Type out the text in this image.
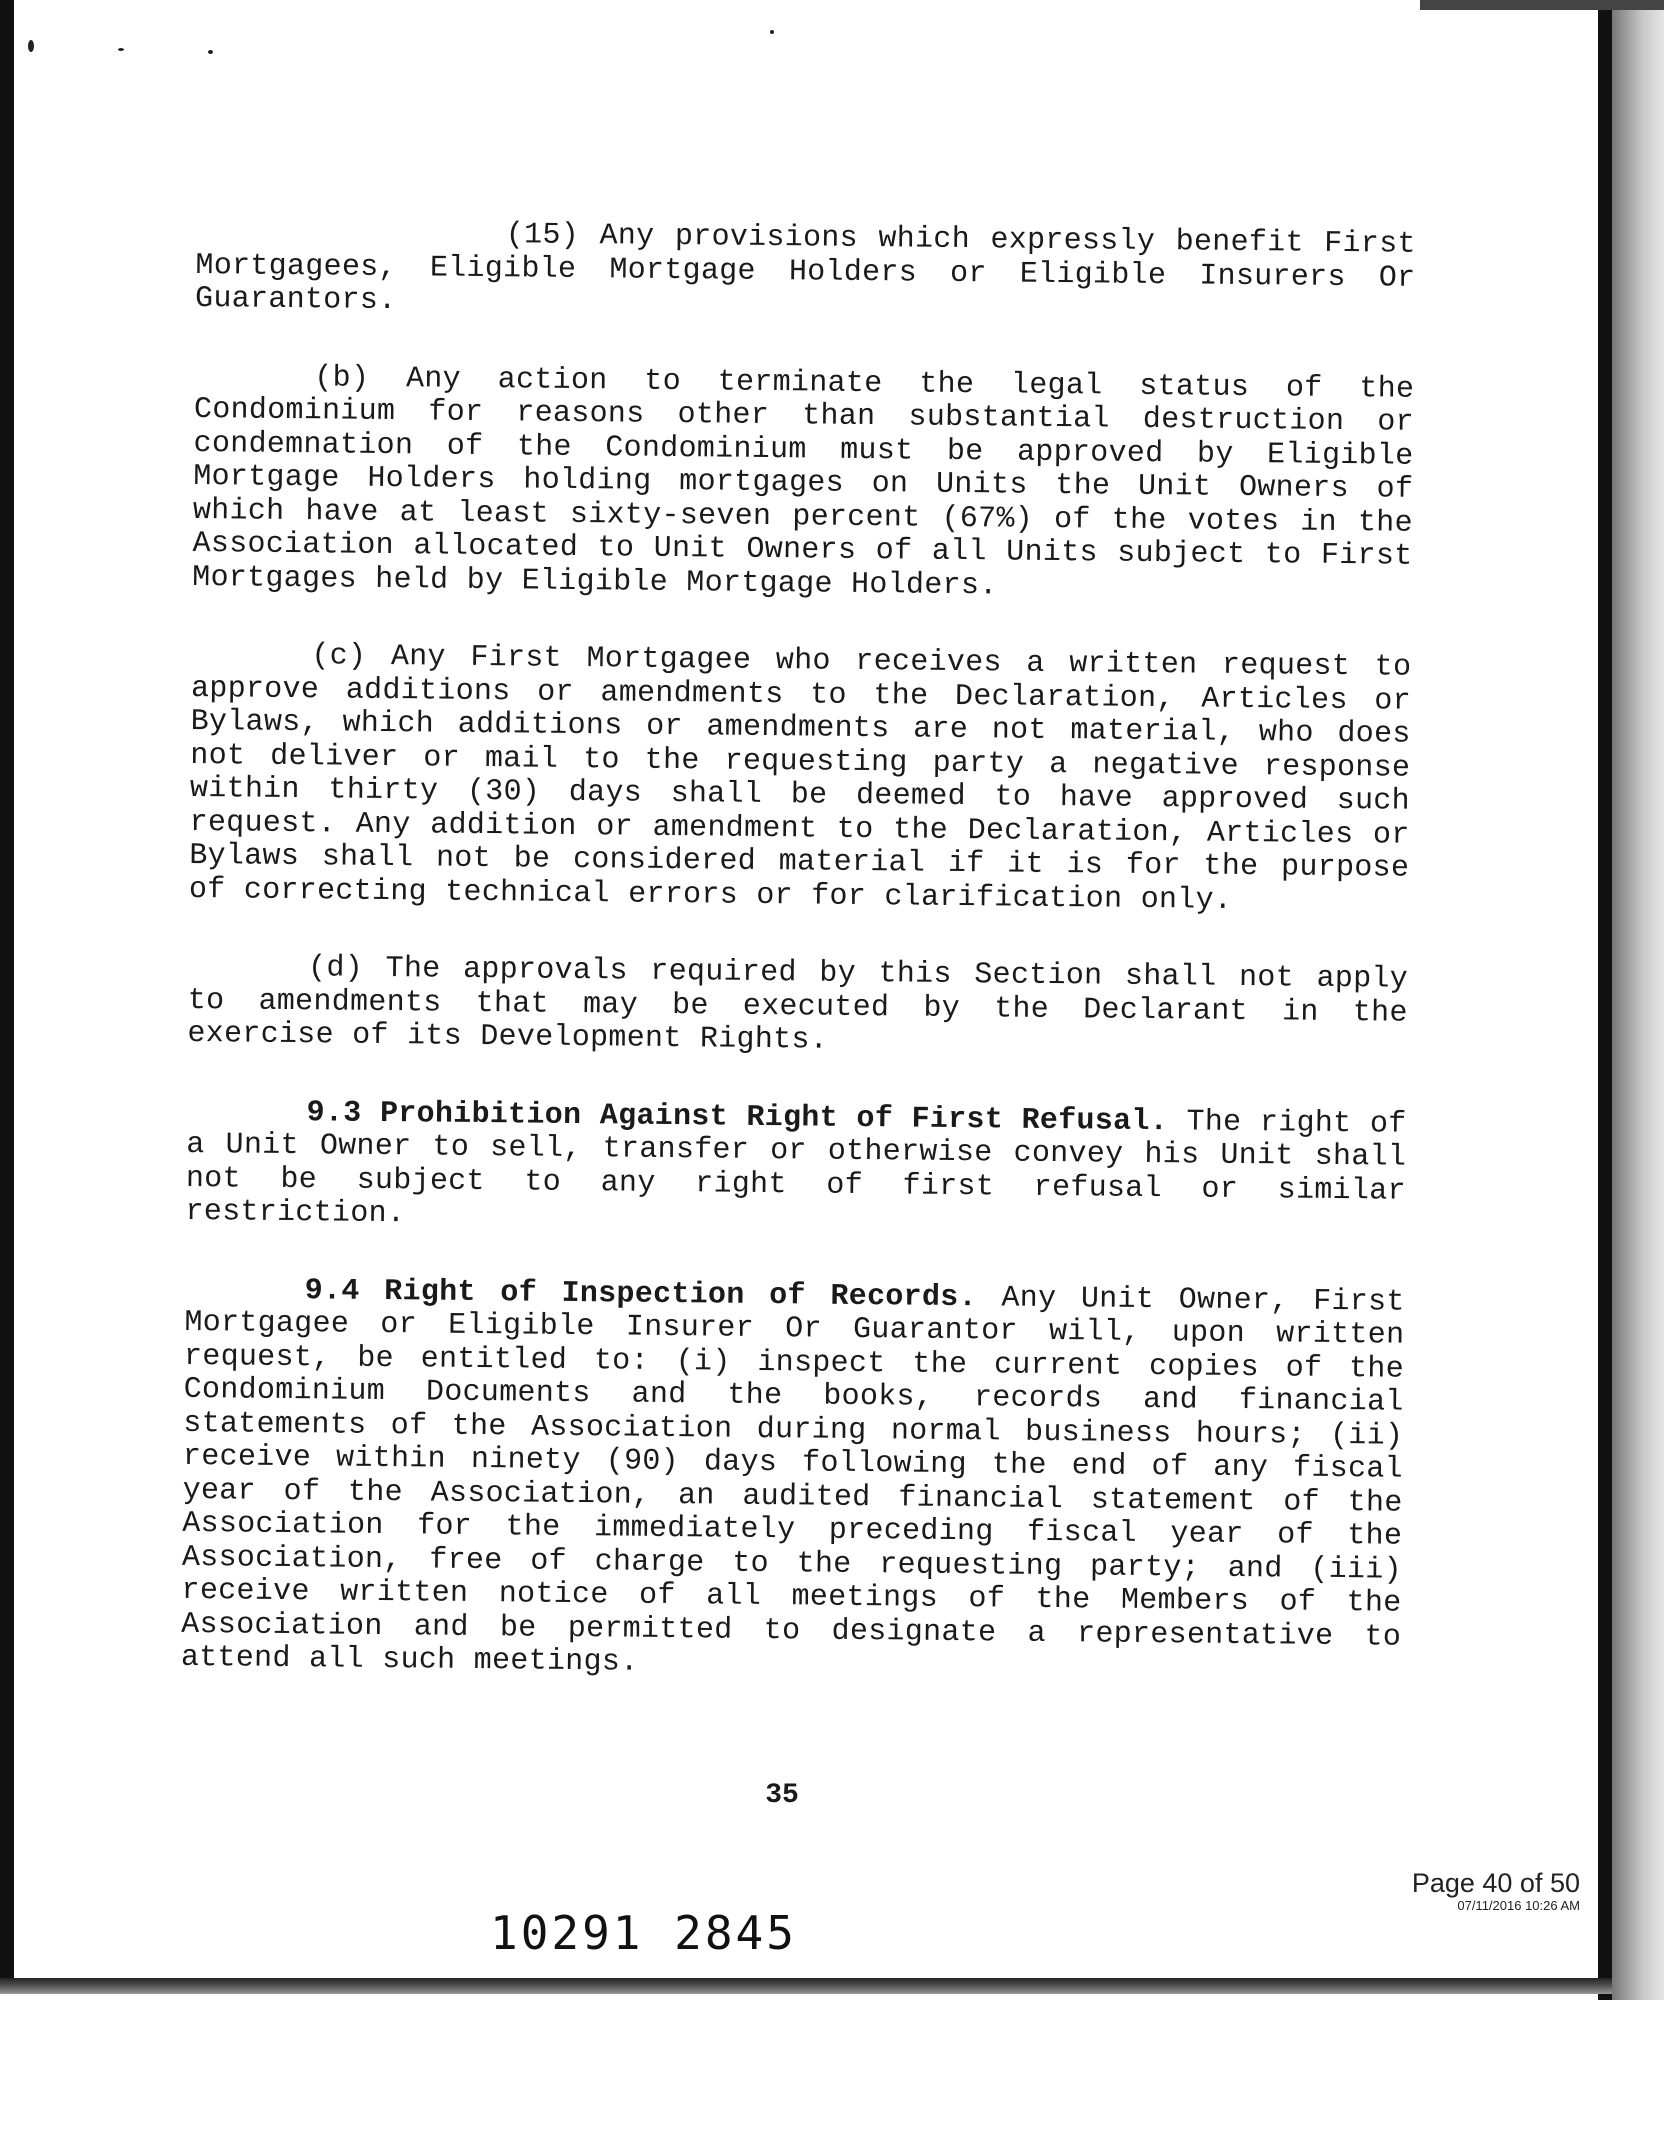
(15) Any provisions which expressly benefit First Mortgagees, Eligible Mortgage Holders or Eligible Insurers Or Guarantors.

(b) Any action to terminate the legal status of the Condominium for reasons other than substantial destruction or condemnation of the Condominium must be approved by Eligible Mortgage Holders holding mortgages on Units the Unit Owners of which have at least sixty-seven percent (67%) of the votes in the Association allocated to Unit Owners of all Units subject to First Mortgages held by Eligible Mortgage Holders.

(c) Any First Mortgagee who receives a written request to approve additions or amendments to the Declaration, Articles or Bylaws, which additions or amendments are not material, who does not deliver or mail to the requesting party a negative response within thirty (30) days shall be deemed to have approved such request. Any addition or amendment to the Declaration, Articles or Bylaws shall not be considered material if it is for the purpose of correcting technical errors or for clarification only.

(d) The approvals required by this Section shall not apply to amendments that may be executed by the Declarant in the exercise of its Development Rights.

9.3 Prohibition Against Right of First Refusal. The right of a Unit Owner to sell, transfer or otherwise convey his Unit shall not be subject to any right of first refusal or similar restriction.

9.4 Right of Inspection of Records. Any Unit Owner, First Mortgagee or Eligible Insurer Or Guarantor will, upon written request, be entitled to: (i) inspect the current copies of the Condominium Documents and the books, records and financial statements of the Association during normal business hours; (ii) receive within ninety (90) days following the end of any fiscal year of the Association, an audited financial statement of the Association for the immediately preceding fiscal year of the Association, free of charge to the requesting party; and (iii) receive written notice of all meetings of the Members of the Association and be permitted to designate a representative to attend all such meetings.

35
10291 2845
Page 40 of 50
07/11/2016 10:26 AM
